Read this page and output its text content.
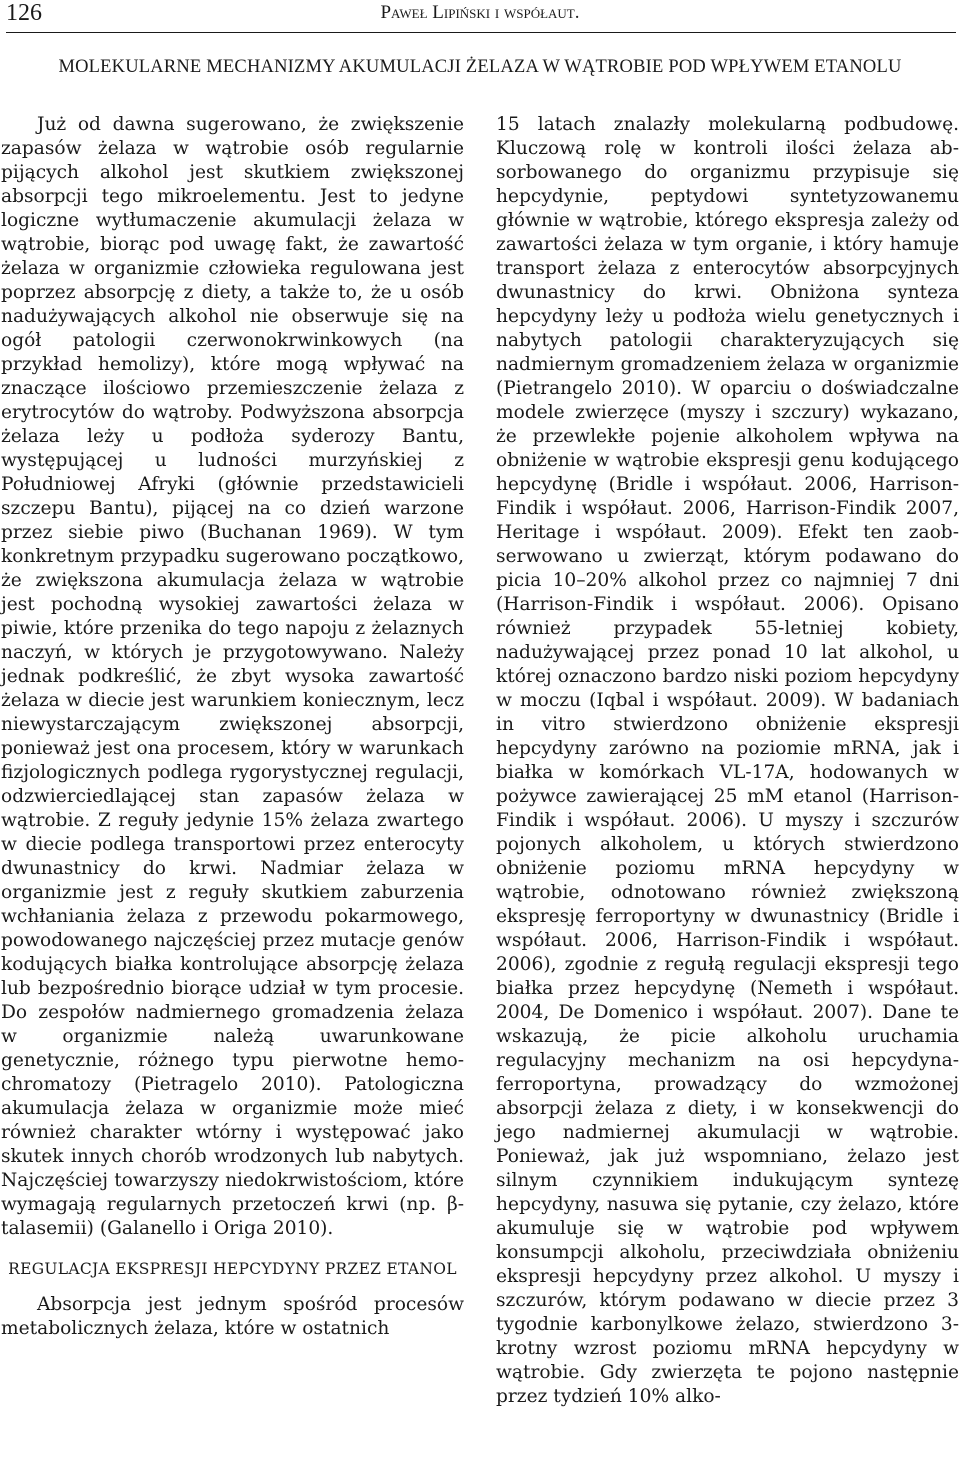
126	Paweł Lipiński i współaut.
MOLEKULARNE MECHANIZMY AKUMULACJI ŻELAZA W WĄTROBIE POD WPŁYWEM ETANOLU

Już od dawna sugerowano, że zwiększenie zapasów żelaza w wątrobie osób regularnie pijących alkohol jest skutkiem zwiększonej absorpcji tego mikroelementu. Jest to jedyne logiczne wytłumaczenie akumulacji żelaza w wątrobie, biorąc pod uwagę fakt, że zawartość żelaza w organizmie człowieka regulowana jest poprzez absorpcję z diety, a także to, że u osób nadużywających alkohol nie obserwuje się na ogół patologii czerwonokrwinkowych (na przykład hemolizy), które mogą wpływać na znaczące ilościowo przemieszczenie żelaza z erytrocytów do wątroby. Podwyższona absorpcja żelaza leży u podłoża syderozy Bantu, występującej u ludności murzyńskiej z Południowej Afryki (głównie przedstawicieli szczepu Bantu), pijącej na co dzień warzone przez siebie piwo (Buchanan 1969). W tym konkretnym przypadku sugerowano początkowo, że zwiększona akumulacja żelaza w wątrobie jest pochodną wysokiej zawartości żelaza w piwie, które przenika do tego napoju z żelaznych naczyń, w których je przygotowywano. Należy jednak podkreślić, że zbyt wysoka zawartość żelaza w diecie jest warunkiem koniecznym, lecz niewystarczającym zwiększonej absorpcji, ponieważ jest ona procesem, który w warunkach fizjologicznych podlega rygorystycznej regulacji, odzwierciedlającej stan zapasów żelaza w wątrobie. Z reguły jedynie 15% żelaza zwartego w diecie podlega transportowi przez enterocyty dwunastnicy do krwi. Nadmiar żelaza w organizmie jest z reguły skutkiem zaburzenia wchłaniania żelaza z przewodu pokarmowego, powodowanego najczęściej przez mutacje genów kodujących białka kontrolujące absorpcję żelaza lub bezpośrednio biorące udział w tym procesie. Do zespołów nadmiernego gromadzenia żelaza w organizmie należą uwarunkowane genetycznie, różnego typu pierwotne hemochromatozy (Pietragelo 2010). Patologiczna akumulacja żelaza w organizmie może mieć również charakter wtórny i występować jako skutek innych chorób wrodzonych lub nabytych. Najczęściej towarzyszy niedokrwistościom, które wymagają regularnych przetoczeń krwi (np. β-talasemii) (Galanello i Origa 2010).

REGULACJA EKSPRESJI HEPCYDYNY PRZEZ ETANOL

Absorpcja jest jednym spośród procesów metabolicznych żelaza, które w ostatnich

15 latach znalazły molekularną podbudowę. Kluczową rolę w kontroli ilości żelaza absorbowanego do organizmu przypisuje się hepcydynie, peptydowi syntetyzowanemu głównie w wątrobie, którego ekspresja zależy od zawartości żelaza w tym organie, i który hamuje transport żelaza z enterocytów absorpcyjnych dwunastnicy do krwi. Obniżona synteza hepcydyny leży u podłoża wielu genetycznych i nabytych patologii charakteryzujących się nadmiernym gromadzeniem żelaza w organizmie (Pietrangelo 2010). W oparciu o doświadczalne modele zwierzęce (myszy i szczury) wykazano, że przewlekłe pojenie alkoholem wpływa na obniżenie w wątrobie ekspresji genu kodującego hepcydynę (Bridle i współaut. 2006, Harrison-Findik i współaut. 2006, Harrison-Findik 2007, Heritage i współaut. 2009). Efekt ten zaobserwowano u zwierząt, którym podawano do picia 10–20% alkohol przez co najmniej 7 dni (Harrison-Findik i współaut. 2006). Opisano również przypadek 55-letniej kobiety, nadużywającej przez ponad 10 lat alkohol, u której oznaczono bardzo niski poziom hepcydyny w moczu (Iqbal i współaut. 2009). W badaniach in vitro stwierdzono obniżenie ekspresji hepcydyny zarówno na poziomie mRNA, jak i białka w komórkach VL-17A, hodowanych w pożywce zawierającej 25 mM etanol (Harrison-Findik i współaut. 2006). U myszy i szczurów pojonych alkoholem, u których stwierdzono obniżenie poziomu mRNA hepcydyny w wątrobie, odnotowano również zwiększoną ekspresję ferroportyny w dwunastnicy (Bridle i współaut. 2006, Harrison-Findik i współaut. 2006), zgodnie z regułą regulacji ekspresji tego białka przez hepcydynę (Nemeth i współaut. 2004, De Domenico i współaut. 2007). Dane te wskazują, że picie alkoholu uruchamia regulacyjny mechanizm na osi hepcydyna-ferroportyna, prowadzący do wzmożonej absorpcji żelaza z diety, i w konsekwencji do jego nadmiernej akumulacji w wątrobie. Ponieważ, jak już wspomniano, żelazo jest silnym czynnikiem indukującym syntezę hepcydyny, nasuwa się pytanie, czy żelazo, które akumuluje się w wątrobie pod wpływem konsumpcji alkoholu, przeciwdziała obniżeniu ekspresji hepcydyny przez alkohol. U myszy i szczurów, którym podawano w diecie przez 3 tygodnie karbonylkowe żelazo, stwierdzono 3-krotny wzrost poziomu mRNA hepcydyny w wątrobie. Gdy zwierzęta te pojono następnie przez tydzień 10% alko-
